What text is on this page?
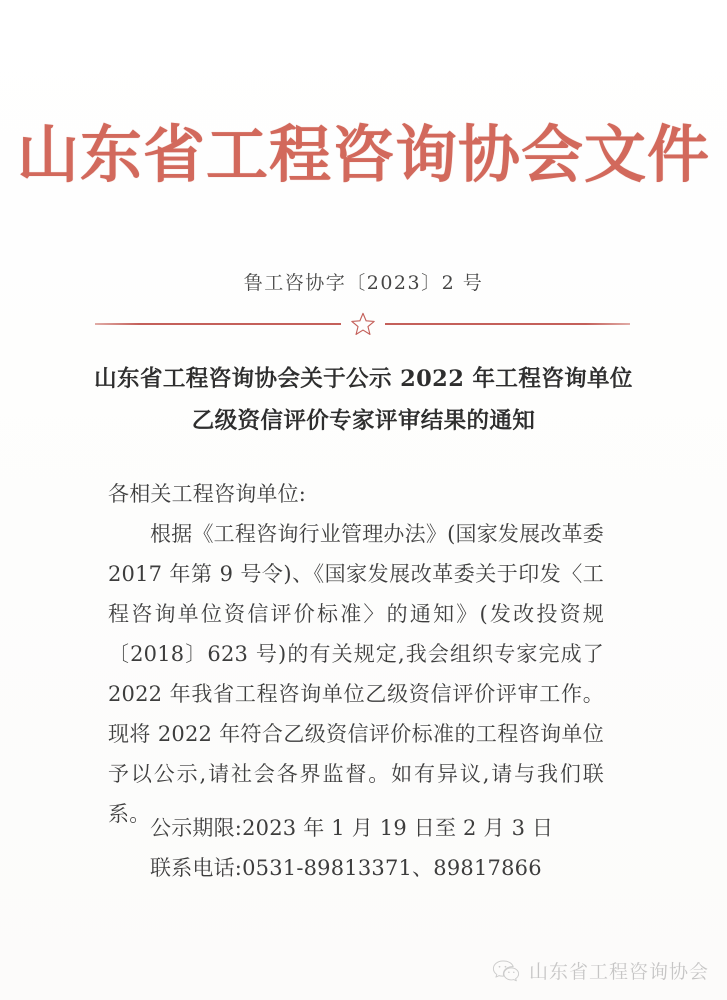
山东省工程咨询协会文件
鲁工咨协字〔2023〕2 号
山东省工程咨询协会关于公示 2022 年工程咨询单位
乙级资信评价专家评审结果的通知
各相关工程咨询单位:
根据《工程咨询行业管理办法》(国家发展改革委 2017 年第 9 号令)、《国家发展改革委关于印发〈工程咨询单位资信评价标准〉的通知》(发改投资规〔2018〕623 号)的有关规定,我会组织专家完成了 2022 年我省工程咨询单位乙级资信评价评审工作。现将 2022 年符合乙级资信评价标准的工程咨询单位予以公示,请社会各界监督。如有异议,请与我们联系。
公示期限:2023 年 1 月 19 日至 2 月 3 日
联系电话:0531-89813371、89817866
山东省工程咨询协会
